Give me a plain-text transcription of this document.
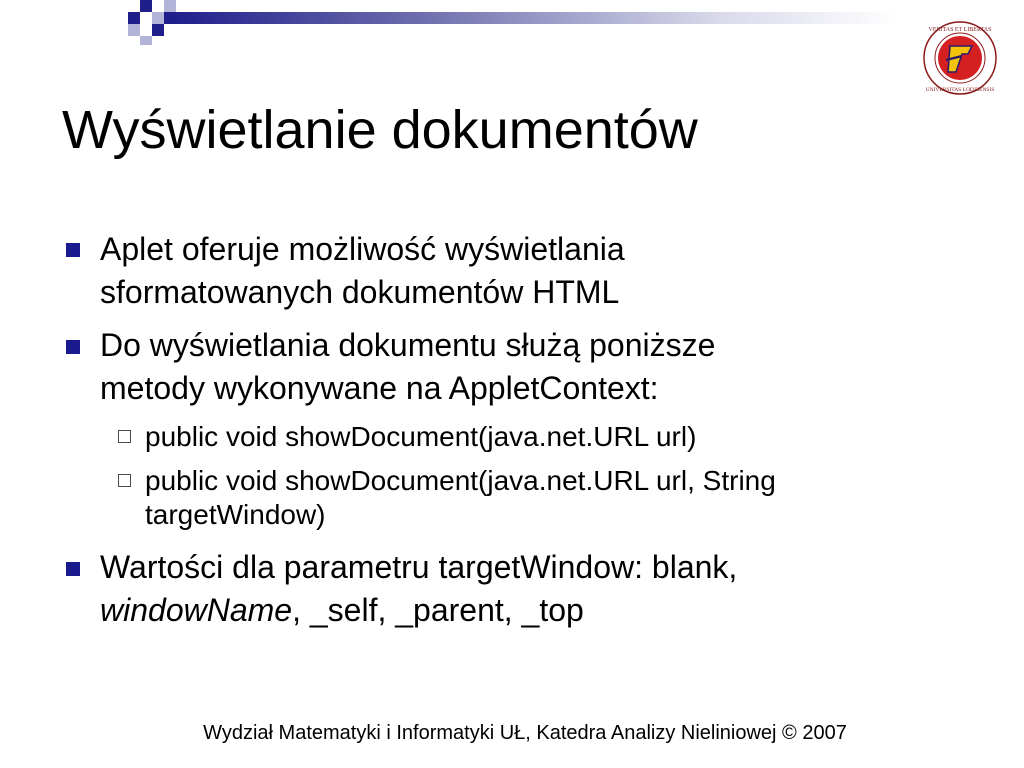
VERITAS ET LIBERTAS
UNIVERSITAS LODZIENSIS
Wyświetlanie dokumentów
Aplet oferuje możliwość wyświetlania
sformatowanych dokumentów HTML
Do wyświetlania dokumentu służą poniższe
metody wykonywane na AppletContext:
public void showDocument(java.net.URL url)
public void showDocument(java.net.URL url, String
targetWindow)
Wartości dla parametru targetWindow: blank,
windowName, _self, _parent, _top
Wydział Matematyki i Informatyki UŁ, Katedra Analizy Nieliniowej © 2007
